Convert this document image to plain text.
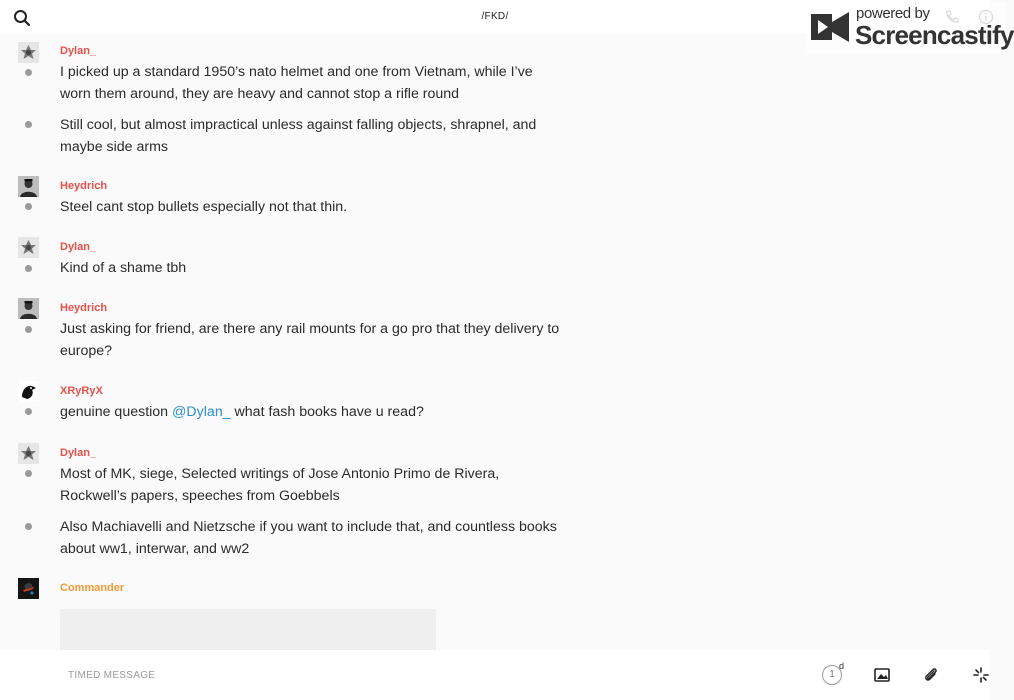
/FKD/	powered by
Screencastify
Dylan_
I picked up a standard 1950’s nato helmet and one from Vietnam, while I’ve worn them around, they are heavy and cannot stop a rifle round
Still cool, but almost impractical unless against falling objects, shrapnel, and maybe side arms
Heydrich
Steel cant stop bullets especially not that thin.
Dylan_
Kind of a shame tbh
Heydrich
Just asking for friend, are there any rail mounts for a go pro that they delivery to europe?
XRyRyX
genuine question @Dylan_ what fash books have u read?
Dylan_
Most of MK, siege, Selected writings of Jose Antonio Primo de Rivera, Rockwell’s papers, speeches from Goebbels
Also Machiavelli and Nietzsche if you want to include that, and countless books about ww1, interwar, and ww2
Commander
TIMED MESSAGE
1
d
